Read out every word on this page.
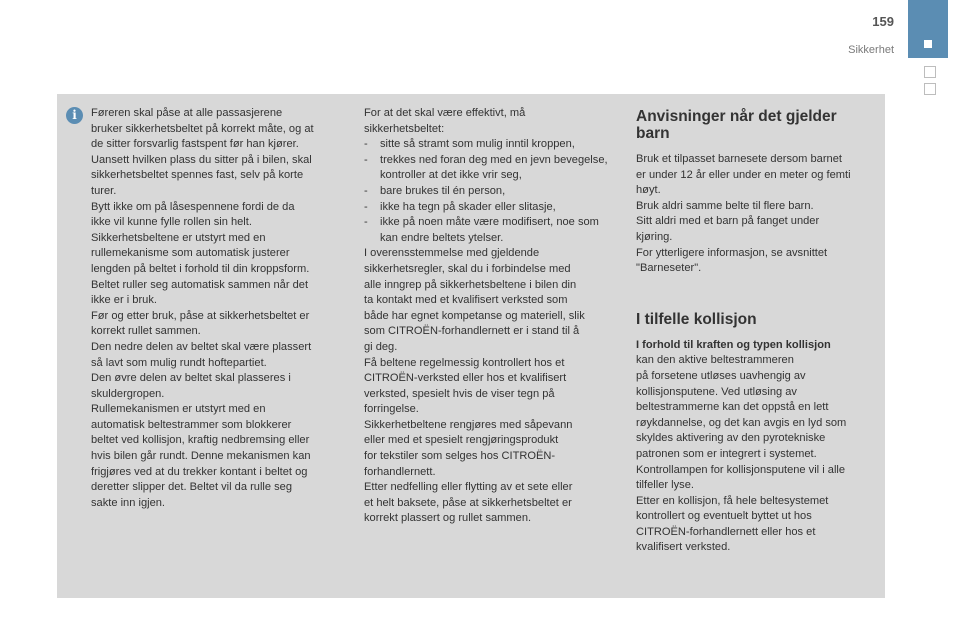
159
Sikkerhet
i	Føreren skal påse at alle passasjerene

bruker sikkerhetsbeltet på korrekt måte, og at

de sitter forsvarlig fastspent før han kjører.

Uansett hvilken plass du sitter på i bilen, skal

sikkerhetsbeltet spennes fast, selv på korte

turer.

Bytt ikke om på låsespennene fordi de da

ikke vil kunne fylle rollen sin helt.

Sikkerhetsbeltene er utstyrt med en

rullemekanisme som automatisk justerer

lengden på beltet i forhold til din kroppsform.

Beltet ruller seg automatisk sammen når det

ikke er i bruk.

Før og etter bruk, påse at sikkerhetsbeltet er

korrekt rullet sammen.

Den nedre delen av beltet skal være plassert

så lavt som mulig rundt hoftepartiet.

Den øvre delen av beltet skal plasseres i

skuldergropen.

Rullemekanismen er utstyrt med en

automatisk beltestrammer som blokkerer

beltet ved kollisjon, kraftig nedbremsing eller

hvis bilen går rundt. Denne mekanismen kan

frigjøres ved at du trekker kontant i beltet og

deretter slipper det. Beltet vil da rulle seg

sakte inn igjen.

For at det skal være effektivt, må

sikkerhetsbeltet:

- sitte så stramt som mulig inntil kroppen,
- trekkes ned foran deg med en jevn bevegelse, kontroller at det ikke vrir seg,
- bare brukes til én person,
- ikke ha tegn på skader eller slitasje,
- ikke på noen måte være modifisert, noe som kan endre beltets ytelser.

I overensstemmelse med gjeldende

sikkerhetsregler, skal du i forbindelse med

alle inngrep på sikkerhetsbeltene i bilen din

ta kontakt med et kvalifisert verksted som

både har egnet kompetanse og materiell, slik

som CITROËN-forhandlernett er i stand til å

gi deg.

Få beltene regelmessig kontrollert hos et

CITROËN-verksted eller hos et kvalifisert

verksted, spesielt hvis de viser tegn på

forringelse.

Sikkerhetbeltene rengjøres med såpevann

eller med et spesielt rengjøringsprodukt

for tekstiler som selges hos CITROËN-

forhandlernett.

Etter nedfelling eller flytting av et sete eller

et helt baksete, påse at sikkerhetsbeltet er

korrekt plassert og rullet sammen.

Anvisninger når det gjelder barn

Bruk et tilpasset barnesete dersom barnet

er under 12 år eller under en meter og femti

høyt.

Bruk aldri samme belte til flere barn.

Sitt aldri med et barn på fanget under

kjøring.

For ytterligere informasjon, se avsnittet

"Barneseter".

I tilfelle kollisjon

I forhold til kraften og typen kollisjon

kan den aktive beltestrammeren

på forsetene utløses uavhengig av

kollisjonsputene. Ved utløsing av

beltestrammerne kan det oppstå en lett

røykdannelse, og det kan avgis en lyd som

skyldes aktivering av den pyrotekniske

patronen som er integrert i systemet.

Kontrollampen for kollisjonsputene vil i alle

tilfeller lyse.

Etter en kollisjon, få hele beltesystemet

kontrollert og eventuelt byttet ut hos

CITROËN-forhandlernett eller hos et

kvalifisert verksted.
